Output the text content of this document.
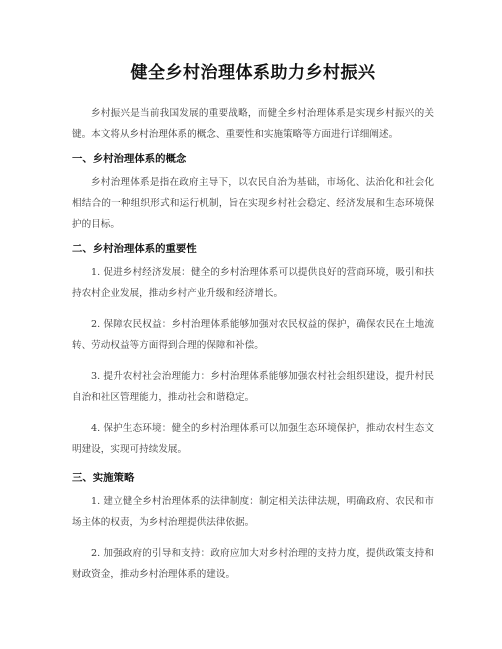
健全乡村治理体系助力乡村振兴

乡村振兴是当前我国发展的重要战略，而健全乡村治理体系是实现乡村振兴的关键。本文将从乡村治理体系的概念、重要性和实施策略等方面进行详细阐述。

一、乡村治理体系的概念

乡村治理体系是指在政府主导下，以农民自治为基础，市场化、法治化和社会化相结合的一种组织形式和运行机制，旨在实现乡村社会稳定、经济发展和生态环境保护的目标。

二、乡村治理体系的重要性

1. 促进乡村经济发展：健全的乡村治理体系可以提供良好的营商环境，吸引和扶持农村企业发展，推动乡村产业升级和经济增长。

2. 保障农民权益：乡村治理体系能够加强对农民权益的保护，确保农民在土地流转、劳动权益等方面得到合理的保障和补偿。

3. 提升农村社会治理能力：乡村治理体系能够加强农村社会组织建设，提升村民自治和社区管理能力，推动社会和谐稳定。

4. 保护生态环境：健全的乡村治理体系可以加强生态环境保护，推动农村生态文明建设，实现可持续发展。

三、实施策略

1. 建立健全乡村治理体系的法律制度：制定相关法律法规，明确政府、农民和市场主体的权责，为乡村治理提供法律依据。

2. 加强政府的引导和支持：政府应加大对乡村治理的支持力度，提供政策支持和财政资金，推动乡村治理体系的建设。
